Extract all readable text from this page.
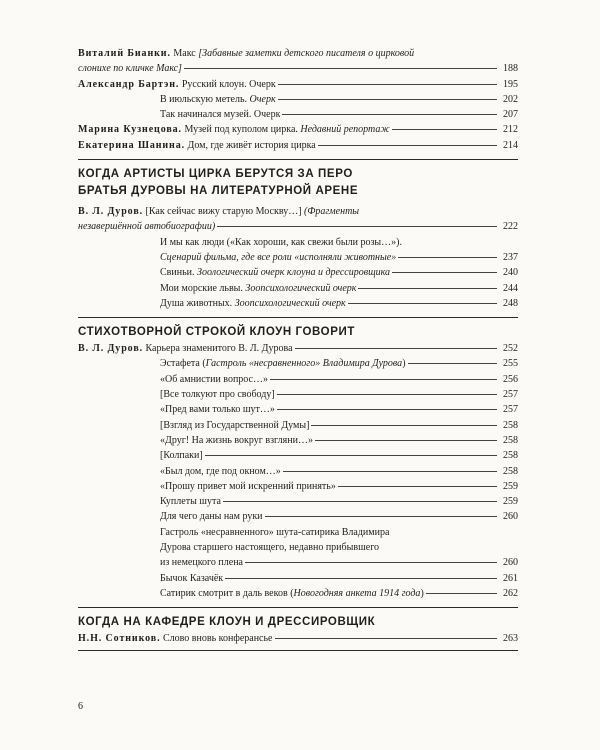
Виталий Бианки. Макс [Забавные заметки детского писателя о цирковой
слонихе по кличке Макс]	188
Александр Бартэн. Русский клоун. Очерк	195
В июльскую метель. Очерк	202
Так начинался музей. Очерк	207
Марина Кузнецова. Музей под куполом цирка. Недавний репортаж	212
Екатерина Шанина. Дом, где живёт история цирка	214
КОГДА АРТИСТЫ ЦИРКА БЕРУТСЯ ЗА ПЕРО
БРАТЬЯ ДУРОВЫ НА ЛИТЕРАТУРНОЙ АРЕНЕ
В. Л. Дуров. [Как сейчас вижу старую Москву…] (Фрагменты
незавершённой автобиографии)	222
И мы как люди («Как хороши, как свежи были розы…»).
Сценарий фильма, где все роли «исполняли животные»	237
Свиньи. Зоологический очерк клоуна и дрессировщика	240
Мои морские львы. Зоопсихологический очерк	244
Душа животных. Зоопсихологический очерк	248
СТИХОТВОРНОЙ СТРОКОЙ КЛОУН ГОВОРИТ
В. Л. Дуров. Карьера знаменитого В. Л. Дурова	252
Эстафета (Гастроль «несравненного» Владимира Дурова)	255
«Об амнистии вопрос…»	256
[Все толкуют про свободу]	257
«Пред вами только шут…»	257
[Взгляд из Государственной Думы]	258
«Друг! На жизнь вокруг взгляни…»	258
[Колпаки]	258
«Был дом, где под окном…»	258
«Прошу привет мой искренний принять»	259
Куплеты шута	259
Для чего даны нам руки	260
Гастроль «несравненного» шута-сатирика Владимира
Дурова старшего настоящего, недавно прибывшего
из немецкого плена	260
Бычок Казачёк	261
Сатирик смотрит в даль веков (Новогодняя анкета 1914 года)	262
КОГДА НА КАФЕДРЕ КЛОУН И ДРЕССИРОВЩИК
Н.Н. Сотников. Слово вновь конферансье	263
6
